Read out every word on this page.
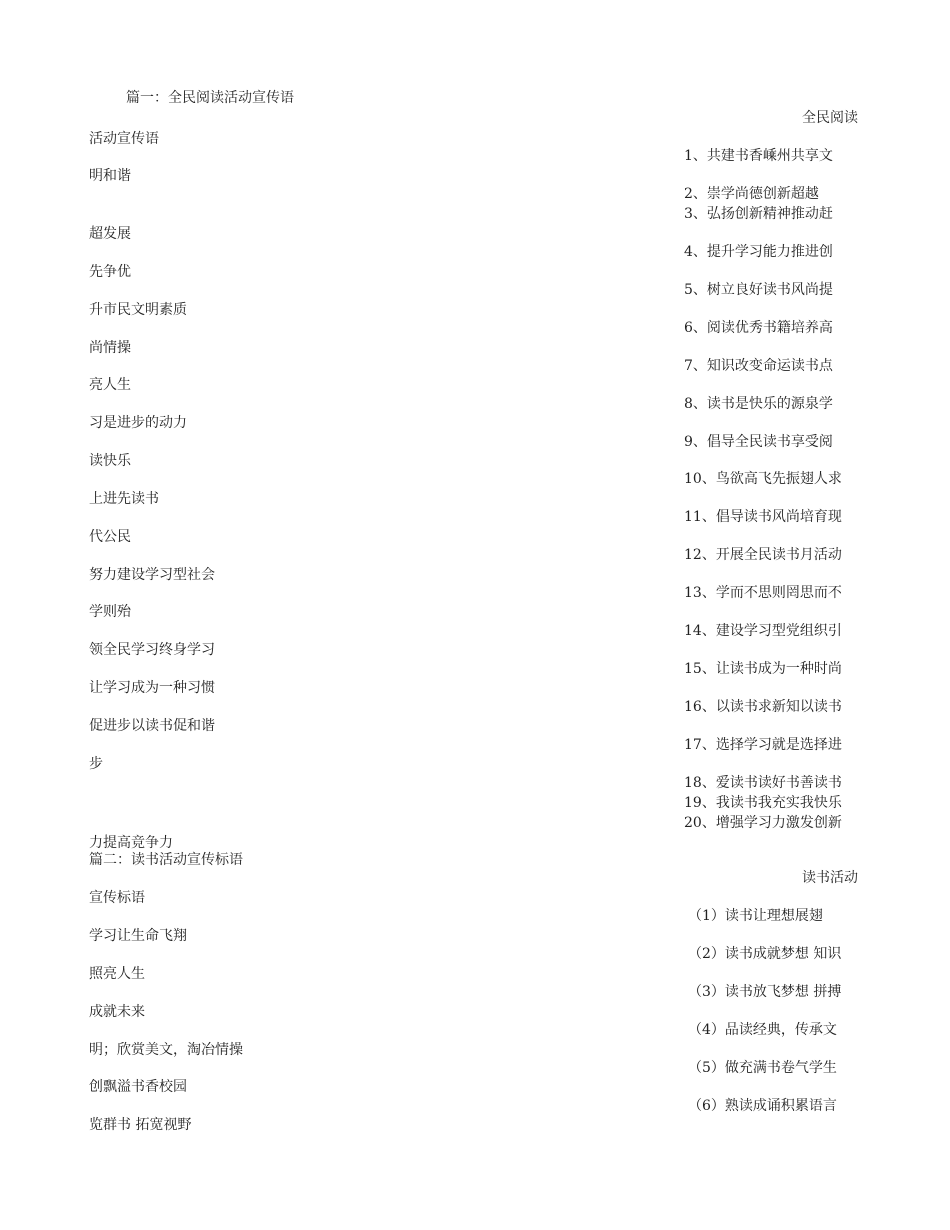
篇一：全民阅读活动宣传语
活动宣传语
明和谐
超发展
先争优
升市民文明素质
尚情操
亮人生
习是进步的动力
读快乐
上进先读书
代公民
努力建设学习型社会
学则殆
领全民学习终身学习
让学习成为一种习惯
促进步以读书促和谐
步
力提高竞争力
篇二：读书活动宣传标语
宣传标语
学习让生命飞翔
照亮人生
成就未来
明；欣赏美文，淘冶情操
创飘溢书香校园
览群书 拓宽视野
全民阅读
1、共建书香嵊州共享文
2、崇学尚德创新超越
3、弘扬创新精神推动赶
4、提升学习能力推进创
5、树立良好读书风尚提
6、阅读优秀书籍培养高
7、知识改变命运读书点
8、读书是快乐的源泉学
9、倡导全民读书享受阅
10、鸟欲高飞先振翅人求
11、倡导读书风尚培育现
12、开展全民读书月活动
13、学而不思则罔思而不
14、建设学习型党组织引
15、让读书成为一种时尚
16、以读书求新知以读书
17、选择学习就是选择进
18、爱读书读好书善读书
19、我读书我充实我快乐
20、增强学习力激发创新
读书活动
（1）读书让理想展翅
（2）读书成就梦想 知识
（3）读书放飞梦想 拼搏
（4）品读经典，传承文
（5）做充满书卷气学生
（6）熟读成诵积累语言
